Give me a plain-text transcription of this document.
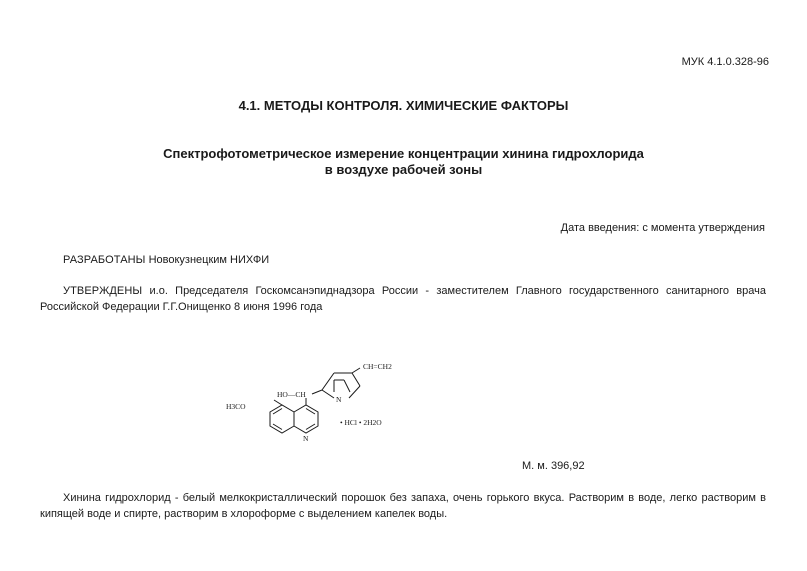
МУК 4.1.0.328-96
4.1. МЕТОДЫ КОНТРОЛЯ. ХИМИЧЕСКИЕ ФАКТОРЫ
Спектрофотометрическое измерение концентрации хинина гидрохлорида
в воздухе рабочей зоны
Дата введения: с момента утверждения
РАЗРАБОТАНЫ Новокузнецким НИХФИ
УТВЕРЖДЕНЫ и.о. Председателя Госкомсанэпиднадзора России - заместителем Главного государственного санитарного врача Российской Федерации Г.Г.Онищенко 8 июня 1996 года
H3CO
HO—CH
CH=CH2
N
N
• HCl • 2H2O
М. м. 396,92
Хинина гидрохлорид - белый мелкокристаллический порошок без запаха, очень горького вкуса. Растворим в воде, легко растворим в кипящей воде и спирте, растворим в хлороформе с выделением капелек воды.
